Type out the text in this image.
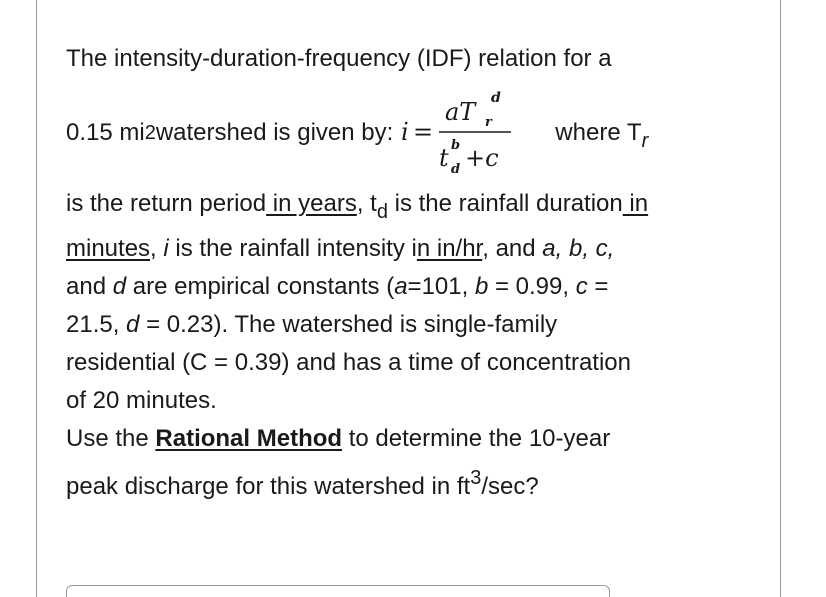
The intensity-duration-frequency (IDF) relation for a
0.15 mi 2 watershed is given by: i =
aT d
r
t b
d +c
where $T_r$
is the return period in years, $t_d$ is the rainfall duration in
minutes, i is the rainfall intensity in in/hr, and a, b, c,
and d are empirical constants (a=101, b = 0.99, c =
21.5, d = 0.23). The watershed is single-family
residential (C = 0.39) and has a time of concentration
of 20 minutes.
Use the Rational Method to determine the 10-year
peak discharge for this watershed in $ft^3/\sec$?
